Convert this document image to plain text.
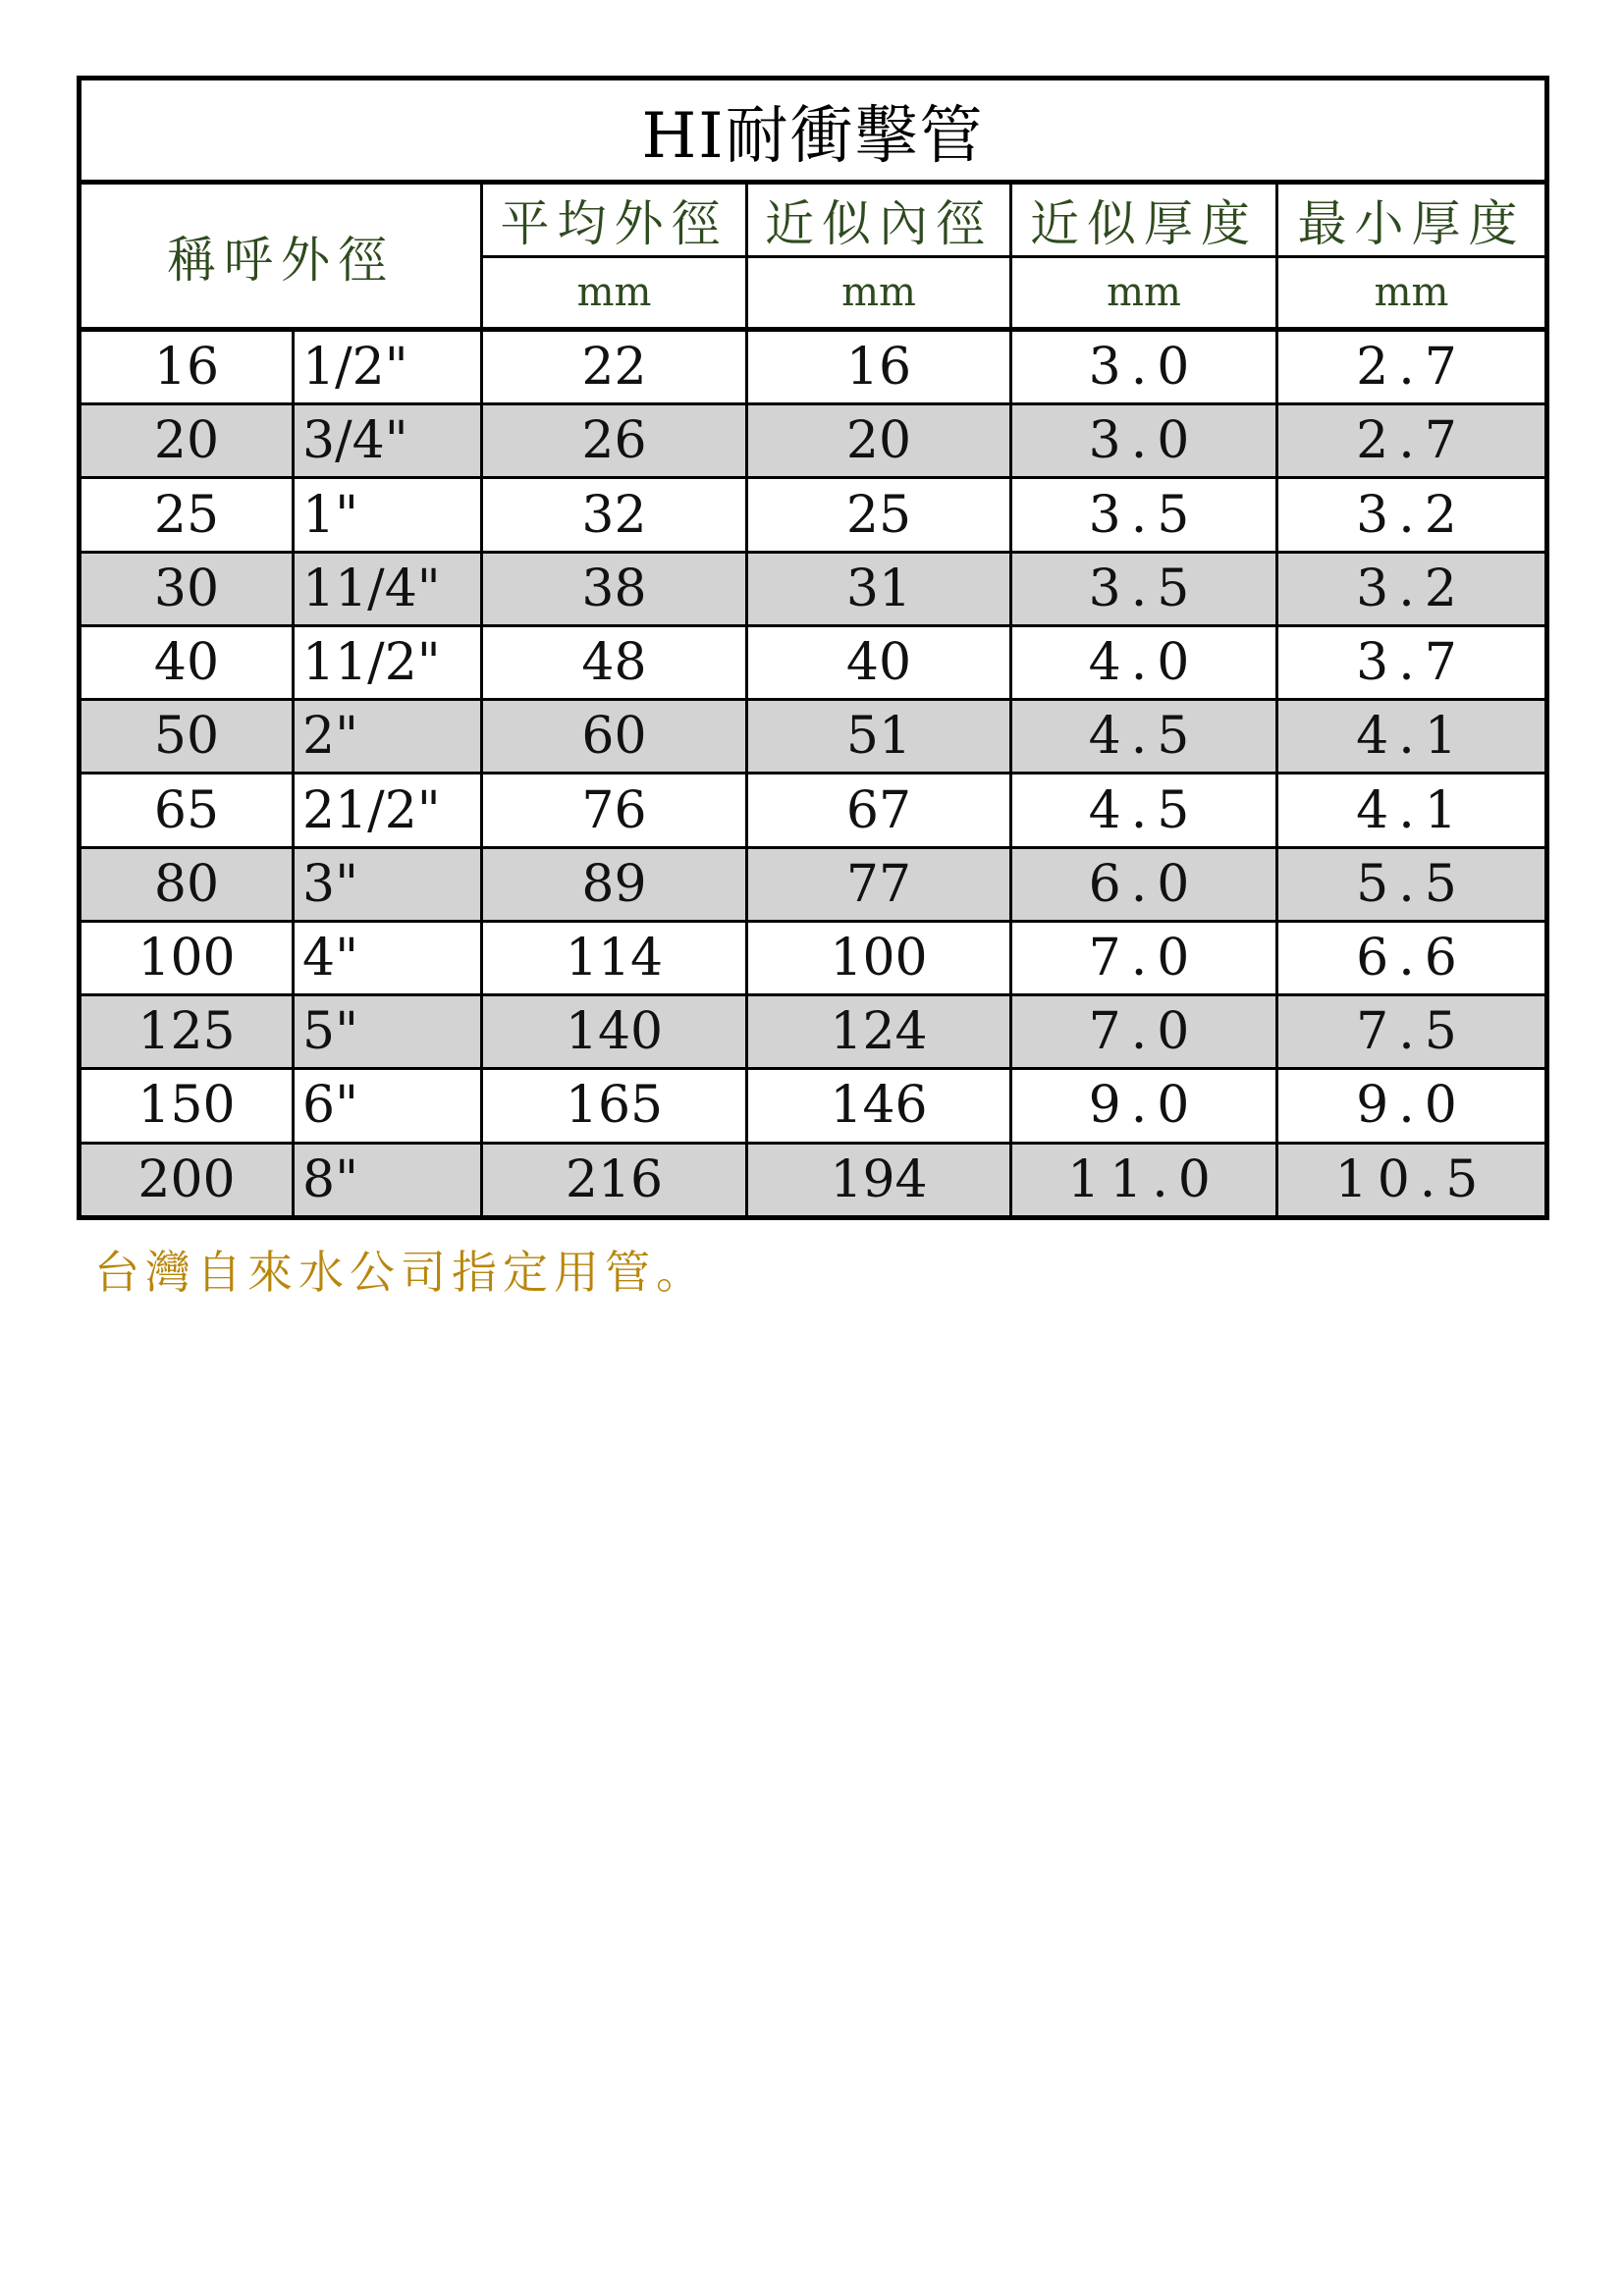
HI耐衝擊管					
稱呼外徑		平均外徑	近似內徑	近似厚度	最小厚度
		mm	mm	mm	mm
16	1/2"	22	16	3.0	2.7
20	3/4"	26	20	3.0	2.7
25	1"	32	25	3.5	3.2
30	11/4"	38	31	3.5	3.2
40	11/2"	48	40	4.0	3.7
50	2"	60	51	4.5	4.1
65	21/2"	76	67	4.5	4.1
80	3"	89	77	6.0	5.5
100	4"	114	100	7.0	6.6
125	5"	140	124	7.0	7.5
150	6"	165	146	9.0	9.0
200	8"	216	194	11.0	10.5
台灣自來水公司指定用管。
